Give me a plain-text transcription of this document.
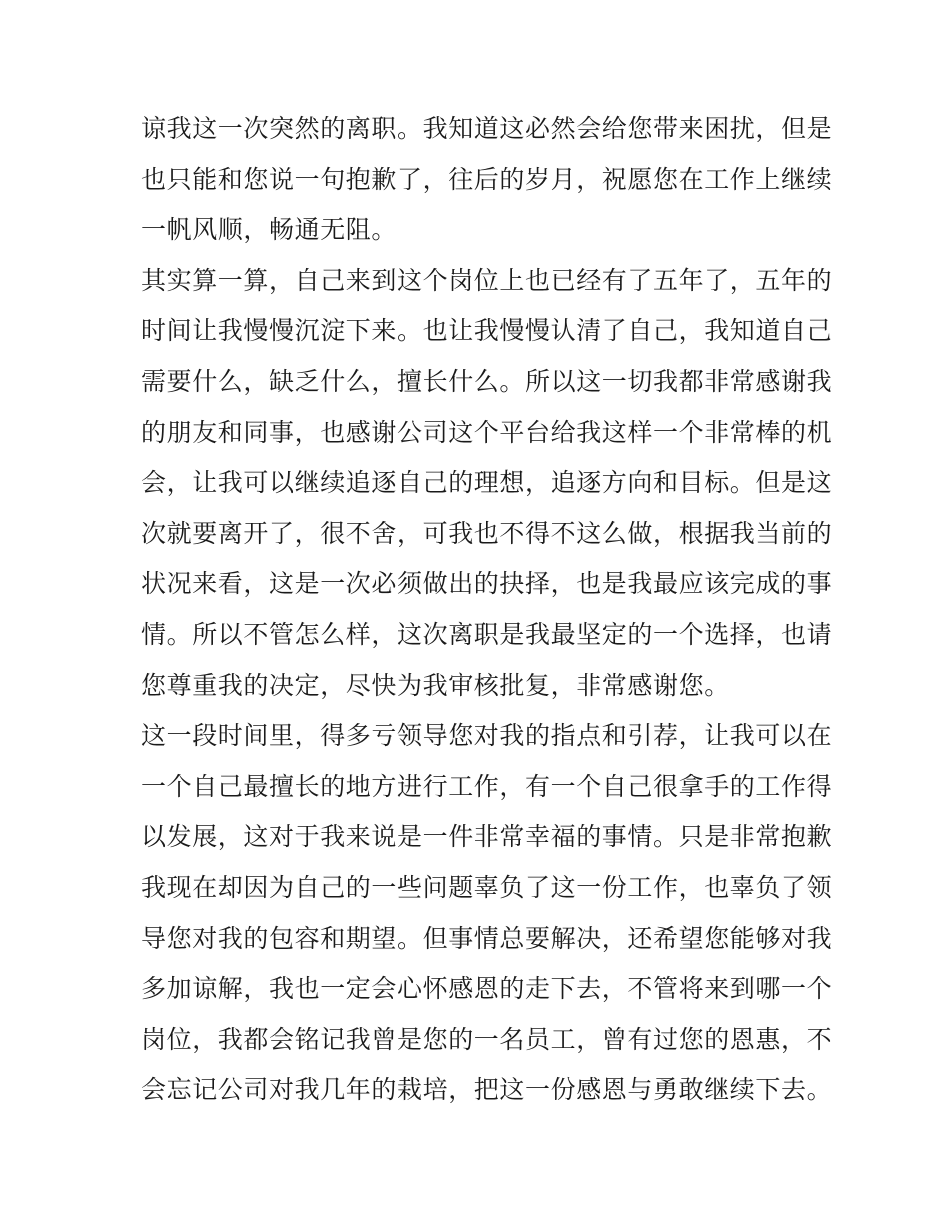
谅我这一次突然的离职。我知道这必然会给您带来困扰，但是
也只能和您说一句抱歉了，往后的岁月，祝愿您在工作上继续
一帆风顺，畅通无阻。
其实算一算，自己来到这个岗位上也已经有了五年了，五年的
时间让我慢慢沉淀下来。也让我慢慢认清了自己，我知道自己
需要什么，缺乏什么，擅长什么。所以这一切我都非常感谢我
的朋友和同事，也感谢公司这个平台给我这样一个非常棒的机
会，让我可以继续追逐自己的理想，追逐方向和目标。但是这
次就要离开了，很不舍，可我也不得不这么做，根据我当前的
状况来看，这是一次必须做出的抉择，也是我最应该完成的事
情。所以不管怎么样，这次离职是我最坚定的一个选择，也请
您尊重我的决定，尽快为我审核批复，非常感谢您。
这一段时间里，得多亏领导您对我的指点和引荐，让我可以在
一个自己最擅长的地方进行工作，有一个自己很拿手的工作得
以发展，这对于我来说是一件非常幸福的事情。只是非常抱歉
我现在却因为自己的一些问题辜负了这一份工作，也辜负了领
导您对我的包容和期望。但事情总要解决，还希望您能够对我
多加谅解，我也一定会心怀感恩的走下去，不管将来到哪一个
岗位，我都会铭记我曾是您的一名员工，曾有过您的恩惠，不
会忘记公司对我几年的栽培，把这一份感恩与勇敢继续下去。
